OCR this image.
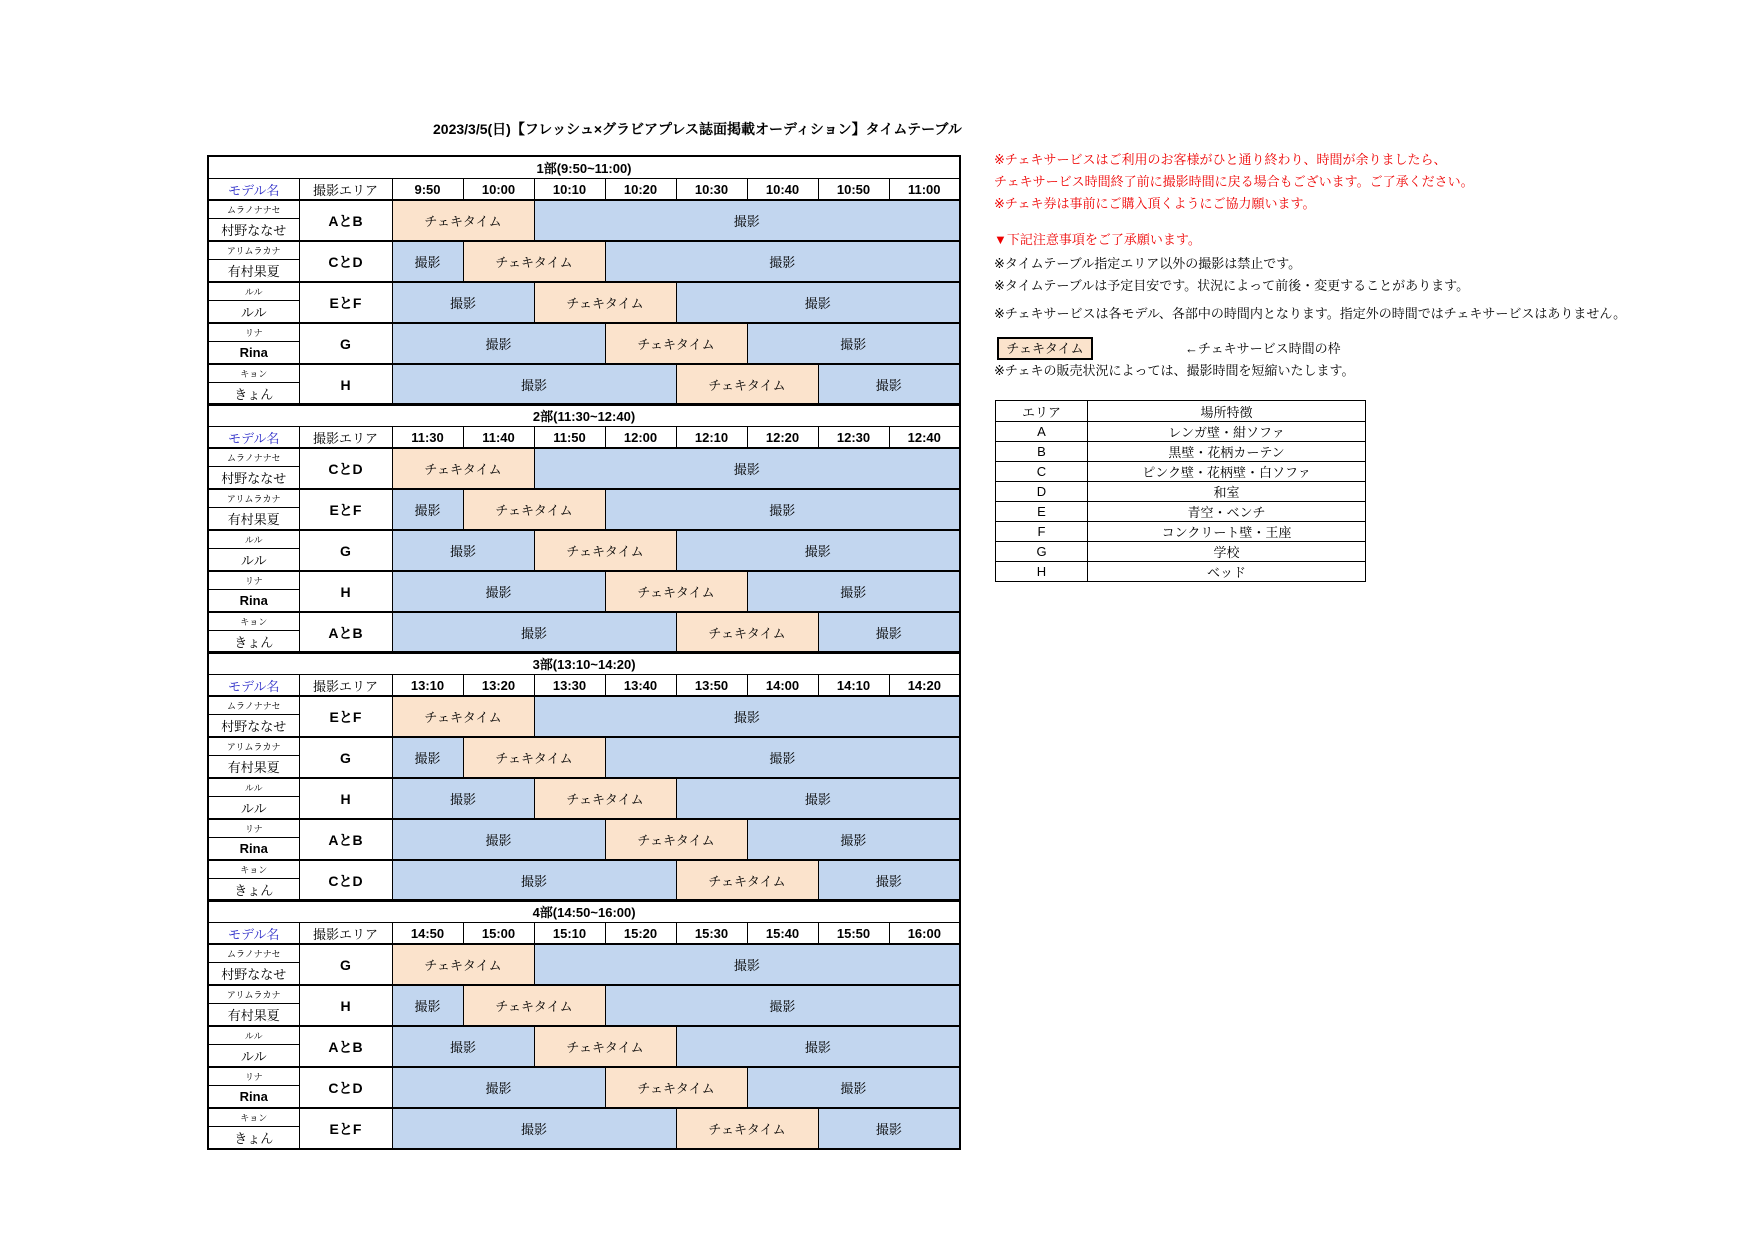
2023/3/5(日)【フレッシュ×グラビアプレス誌面掲載オーディション】タイムテーブル
1部(9:50~11:00)									
モデル名	撮影エリア	9:50	10:00	10:10	10:20	10:30	10:40	10:50	11:00
ムラノナナセ	AとB	チェキタイム		撮影					
村野ななせ									
アリムラカナ	CとD	撮影	チェキタイム		撮影				
有村果夏									
ルル	EとF	撮影		チェキタイム		撮影			
ルル									
リナ	G	撮影			チェキタイム		撮影		
Rina									
キョン	H	撮影				チェキタイム		撮影	
きょん									
2部(11:30~12:40)									
モデル名	撮影エリア	11:30	11:40	11:50	12:00	12:10	12:20	12:30	12:40
ムラノナナセ	CとD	チェキタイム		撮影					
村野ななせ									
アリムラカナ	EとF	撮影	チェキタイム		撮影				
有村果夏									
ルル	G	撮影		チェキタイム		撮影			
ルル									
リナ	H	撮影			チェキタイム		撮影		
Rina									
キョン	AとB	撮影				チェキタイム		撮影	
きょん									
3部(13:10~14:20)									
モデル名	撮影エリア	13:10	13:20	13:30	13:40	13:50	14:00	14:10	14:20
ムラノナナセ	EとF	チェキタイム		撮影					
村野ななせ									
アリムラカナ	G	撮影	チェキタイム		撮影				
有村果夏									
ルル	H	撮影		チェキタイム		撮影			
ルル									
リナ	AとB	撮影			チェキタイム		撮影		
Rina									
キョン	CとD	撮影				チェキタイム		撮影	
きょん									
4部(14:50~16:00)									
モデル名	撮影エリア	14:50	15:00	15:10	15:20	15:30	15:40	15:50	16:00
ムラノナナセ	G	チェキタイム		撮影					
村野ななせ									
アリムラカナ	H	撮影	チェキタイム		撮影				
有村果夏									
ルル	AとB	撮影		チェキタイム		撮影			
ルル									
リナ	CとD	撮影			チェキタイム		撮影		
Rina									
キョン	EとF	撮影				チェキタイム		撮影	
きょん									
※チェキサービスはご利用のお客様がひと通り終わり、時間が余りましたら、
チェキサービス時間終了前に撮影時間に戻る場合もございます。ご了承ください。
※チェキ券は事前にご購入頂くようにご協力願います。
▼下記注意事項をご了承願います。
※タイムテーブル指定エリア以外の撮影は禁止です。
※タイムテーブルは予定目安です。状況によって前後・変更することがあります。
※チェキサービスは各モデル、各部中の時間内となります。指定外の時間ではチェキサービスはありません。
チェキタイム	←チェキサービス時間の枠
※チェキの販売状況によっては、撮影時間を短縮いたします。
エリア	場所特徴
A	レンガ壁・紺ソファ
B	黒壁・花柄カーテン
C	ピンク壁・花柄壁・白ソファ
D	和室
E	青空・ベンチ
F	コンクリート壁・王座
G	学校
H	ベッド
